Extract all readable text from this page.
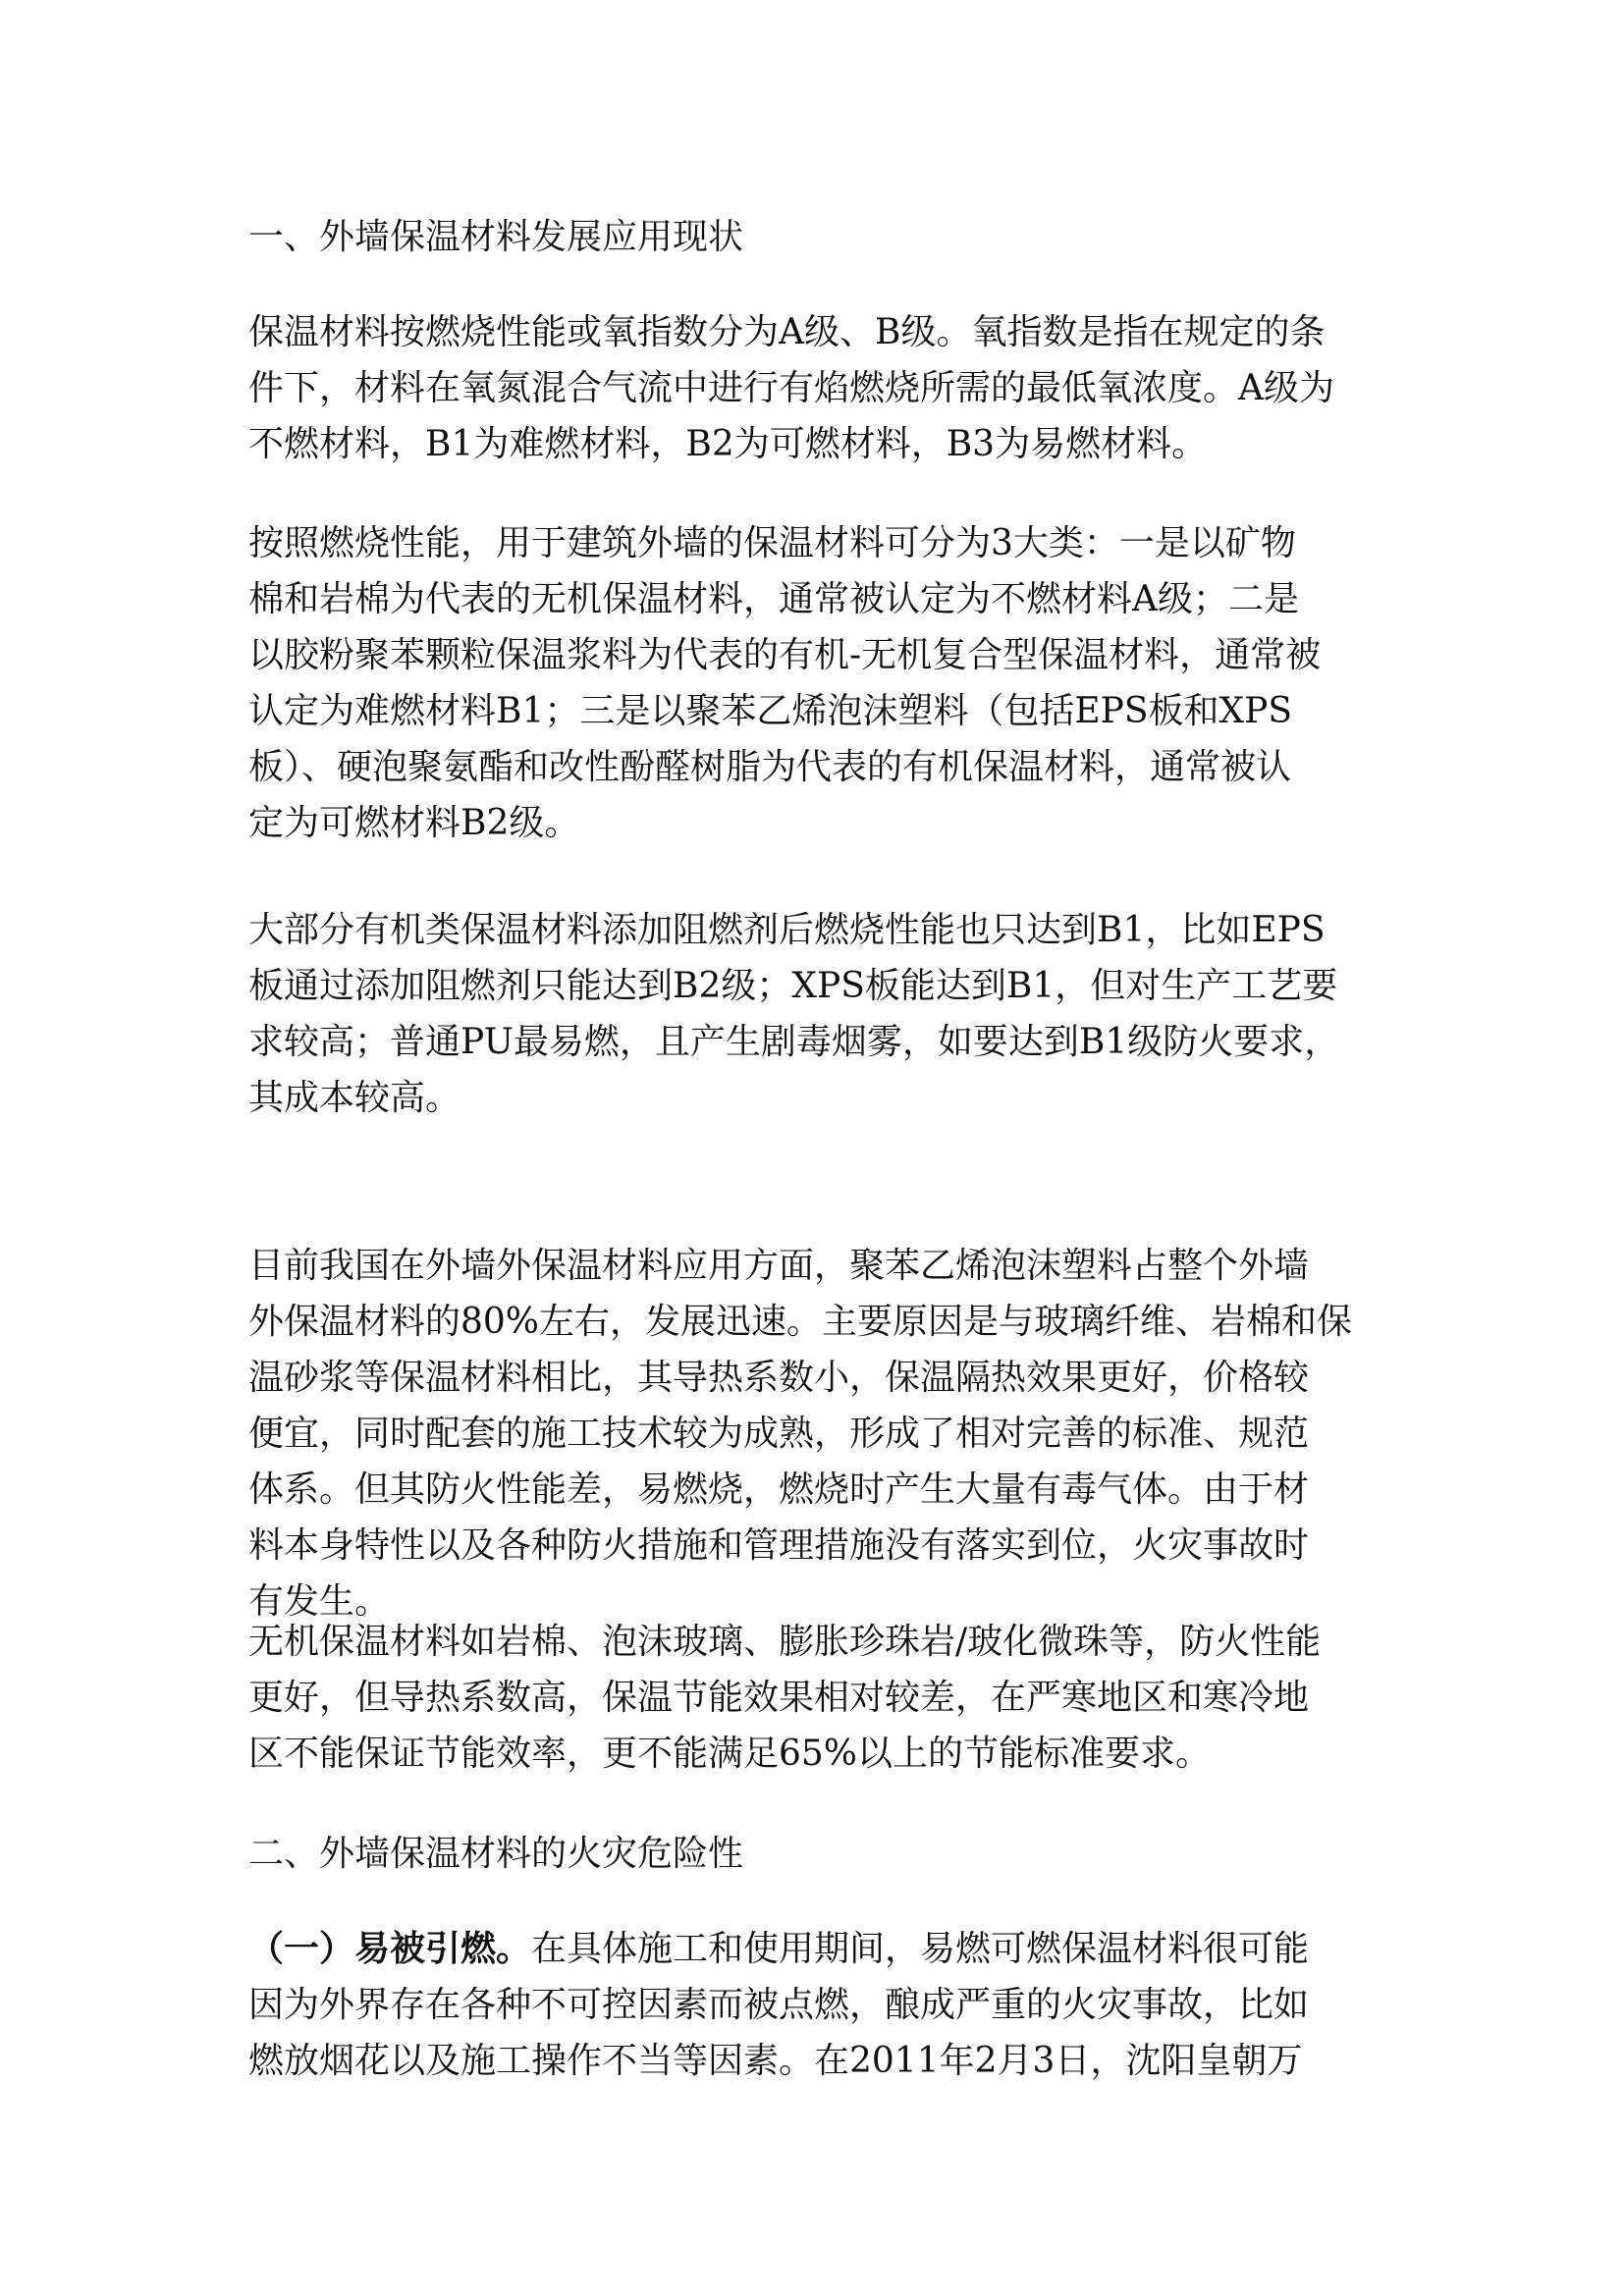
一、外墙保温材料发展应用现状
保温材料按燃烧性能或氧指数分为A级、B级。氧指数是指在规定的条
件下，材料在氧氮混合气流中进行有焰燃烧所需的最低氧浓度。A级为
不燃材料，B1为难燃材料，B2为可燃材料，B3为易燃材料。
按照燃烧性能，用于建筑外墙的保温材料可分为3大类：一是以矿物
棉和岩棉为代表的无机保温材料，通常被认定为不燃材料A级；二是
以胶粉聚苯颗粒保温浆料为代表的有机-无机复合型保温材料，通常被
认定为难燃材料B1；三是以聚苯乙烯泡沫塑料（包括EPS板和XPS
板）、硬泡聚氨酯和改性酚醛树脂为代表的有机保温材料，通常被认
定为可燃材料B2级。
大部分有机类保温材料添加阻燃剂后燃烧性能也只达到B1，比如EPS
板通过添加阻燃剂只能达到B2级；XPS板能达到B1，但对生产工艺要
求较高；普通PU最易燃，且产生剧毒烟雾，如要达到B1级防火要求，
其成本较高。
目前我国在外墙外保温材料应用方面，聚苯乙烯泡沫塑料占整个外墙
外保温材料的80%左右，发展迅速。主要原因是与玻璃纤维、岩棉和保
温砂浆等保温材料相比，其导热系数小，保温隔热效果更好，价格较
便宜，同时配套的施工技术较为成熟，形成了相对完善的标准、规范
体系。但其防火性能差，易燃烧，燃烧时产生大量有毒气体。由于材
料本身特性以及各种防火措施和管理措施没有落实到位，火灾事故时
有发生。
无机保温材料如岩棉、泡沫玻璃、膨胀珍珠岩/玻化微珠等，防火性能
更好，但导热系数高，保温节能效果相对较差，在严寒地区和寒冷地
区不能保证节能效率，更不能满足65%以上的节能标准要求。
二、外墙保温材料的火灾危险性
（一）易被引燃。在具体施工和使用期间，易燃可燃保温材料很可能
因为外界存在各种不可控因素而被点燃，酿成严重的火灾事故，比如
燃放烟花以及施工操作不当等因素。在2011年2月3日，沈阳皇朝万
